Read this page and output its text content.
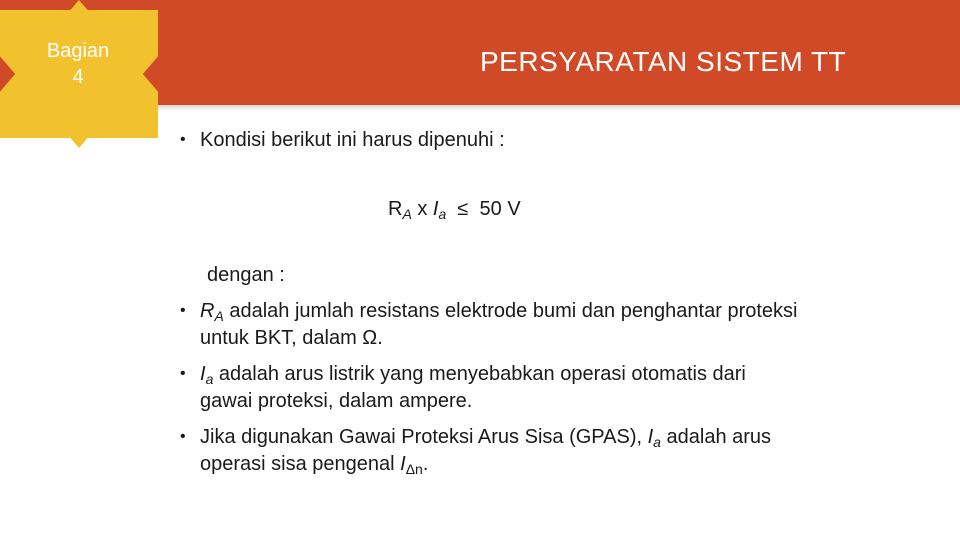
Bagian
4	PERSYARATAN SISTEM TT
• Kondisi berikut ini harus dipenuhi :
$R_A$ x $I_a \le 50$ V
dengan :
• $R_A$ adalah jumlah resistans elektrode bumi dan penghantar proteksi untuk BKT, dalam Ω.
• $I_a$ adalah arus listrik yang menyebabkan operasi otomatis dari gawai proteksi, dalam ampere.
• Jika digunakan Gawai Proteksi Arus Sisa (GPAS), $I_a$ adalah arus operasi sisa pengenal $I_{\Delta n}$.
